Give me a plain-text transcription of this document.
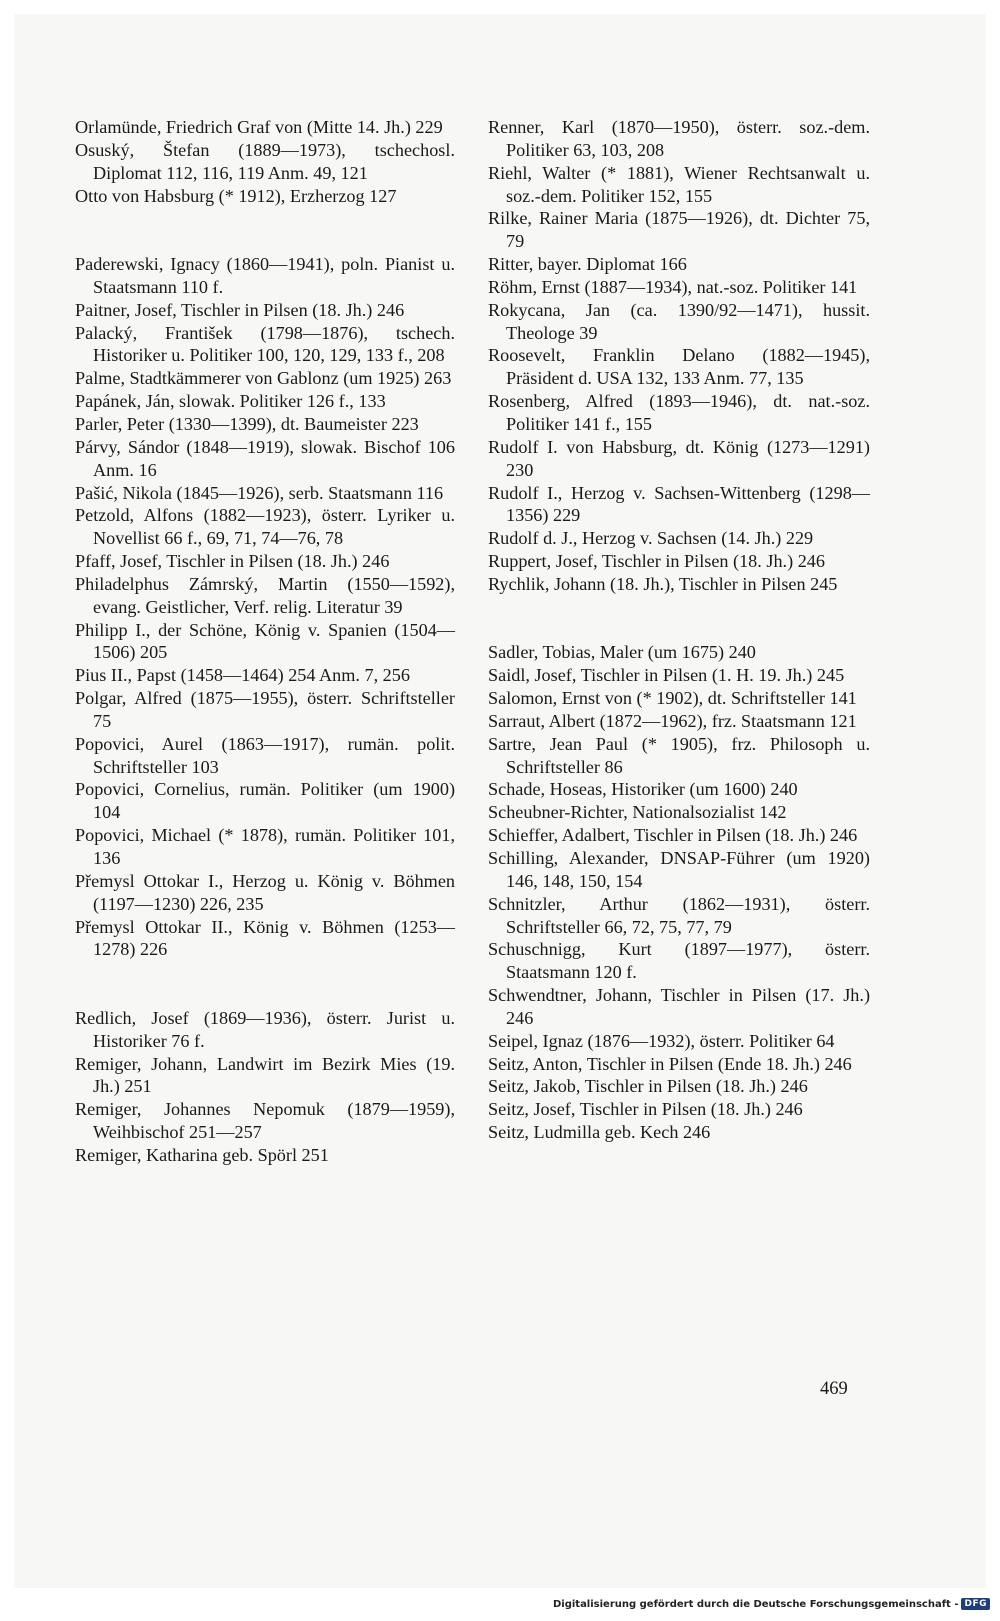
Orlamünde, Friedrich Graf von (Mitte 14. Jh.) 229
Osuský, Štefan (1889—1973), tschechosl. Diplomat 112, 116, 119 Anm. 49, 121
Otto von Habsburg (* 1912), Erzherzog 127
Paderewski, Ignacy (1860—1941), poln. Pianist u. Staatsmann 110 f.
Paitner, Josef, Tischler in Pilsen (18. Jh.) 246
Palacký, František (1798—1876), tschech. Historiker u. Politiker 100, 120, 129, 133 f., 208
Palme, Stadtkämmerer von Gablonz (um 1925) 263
Papánek, Ján, slowak. Politiker 126 f., 133
Parler, Peter (1330—1399), dt. Baumeister 223
Párvy, Sándor (1848—1919), slowak. Bischof 106 Anm. 16
Pašić, Nikola (1845—1926), serb. Staatsmann 116
Petzold, Alfons (1882—1923), österr. Lyriker u. Novellist 66 f., 69, 71, 74—76, 78
Pfaff, Josef, Tischler in Pilsen (18. Jh.) 246
Philadelphus Zámrský, Martin (1550—1592), evang. Geistlicher, Verf. relig. Literatur 39
Philipp I., der Schöne, König v. Spanien (1504—1506) 205
Pius II., Papst (1458—1464) 254 Anm. 7, 256
Polgar, Alfred (1875—1955), österr. Schriftsteller 75
Popovici, Aurel (1863—1917), rumän. polit. Schriftsteller 103
Popovici, Cornelius, rumän. Politiker (um 1900) 104
Popovici, Michael (* 1878), rumän. Politiker 101, 136
Přemysl Ottokar I., Herzog u. König v. Böhmen (1197—1230) 226, 235
Přemysl Ottokar II., König v. Böhmen (1253—1278) 226
Redlich, Josef (1869—1936), österr. Jurist u. Historiker 76 f.
Remiger, Johann, Landwirt im Bezirk Mies (19. Jh.) 251
Remiger, Johannes Nepomuk (1879—1959), Weihbischof 251—257
Remiger, Katharina geb. Spörl 251
Renner, Karl (1870—1950), österr. soz.-dem. Politiker 63, 103, 208
Riehl, Walter (* 1881), Wiener Rechtsanwalt u. soz.-dem. Politiker 152, 155
Rilke, Rainer Maria (1875—1926), dt. Dichter 75, 79
Ritter, bayer. Diplomat 166
Röhm, Ernst (1887—1934), nat.-soz. Politiker 141
Rokycana, Jan (ca. 1390/92—1471), hussit. Theologe 39
Roosevelt, Franklin Delano (1882—1945), Präsident d. USA 132, 133 Anm. 77, 135
Rosenberg, Alfred (1893—1946), dt. nat.-soz. Politiker 141 f., 155
Rudolf I. von Habsburg, dt. König (1273—1291) 230
Rudolf I., Herzog v. Sachsen-Wittenberg (1298—1356) 229
Rudolf d. J., Herzog v. Sachsen (14. Jh.) 229
Ruppert, Josef, Tischler in Pilsen (18. Jh.) 246
Rychlik, Johann (18. Jh.), Tischler in Pilsen 245
Sadler, Tobias, Maler (um 1675) 240
Saidl, Josef, Tischler in Pilsen (1. H. 19. Jh.) 245
Salomon, Ernst von (* 1902), dt. Schriftsteller 141
Sarraut, Albert (1872—1962), frz. Staatsmann 121
Sartre, Jean Paul (* 1905), frz. Philosoph u. Schriftsteller 86
Schade, Hoseas, Historiker (um 1600) 240
Scheubner-Richter, Nationalsozialist 142
Schieffer, Adalbert, Tischler in Pilsen (18. Jh.) 246
Schilling, Alexander, DNSAP-Führer (um 1920) 146, 148, 150, 154
Schnitzler, Arthur (1862—1931), österr. Schriftsteller 66, 72, 75, 77, 79
Schuschnigg, Kurt (1897—1977), österr. Staatsmann 120 f.
Schwendtner, Johann, Tischler in Pilsen (17. Jh.) 246
Seipel, Ignaz (1876—1932), österr. Politiker 64
Seitz, Anton, Tischler in Pilsen (Ende 18. Jh.) 246
Seitz, Jakob, Tischler in Pilsen (18. Jh.) 246
Seitz, Josef, Tischler in Pilsen (18. Jh.) 246
Seitz, Ludmilla geb. Kech 246
469
Digitalisierung gefördert durch die Deutsche Forschungsgemeinschaft - DFG
